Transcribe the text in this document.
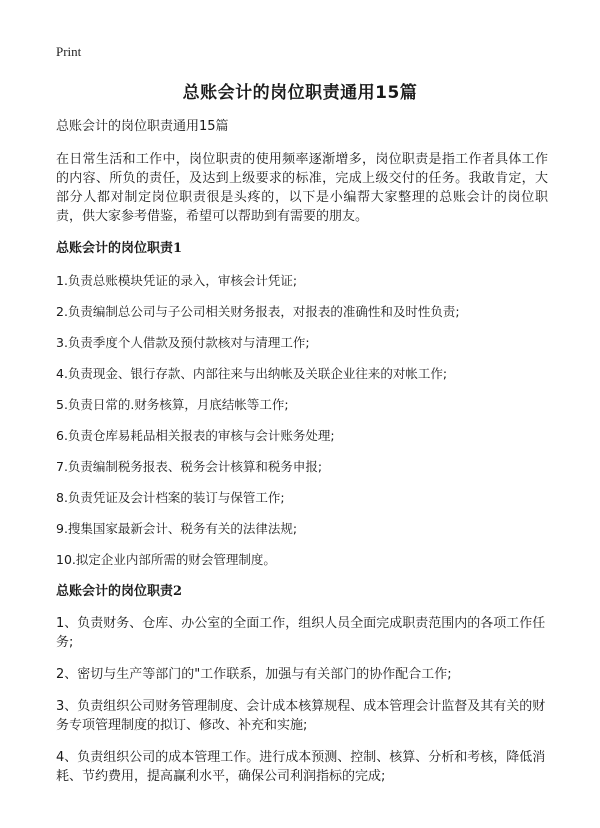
Print
总账会计的岗位职责通用15篇

总账会计的岗位职责通用15篇

在日常生活和工作中，岗位职责的使用频率逐渐增多，岗位职责是指工作者具体工作的内容、所负的责任，及达到上级要求的标准，完成上级交付的任务。我敢肯定，大部分人都对制定岗位职责很是头疼的，以下是小编帮大家整理的总账会计的岗位职责，供大家参考借鉴，希望可以帮助到有需要的朋友。

总账会计的岗位职责1

1.负责总账模块凭证的录入，审核会计凭证;

2.负责编制总公司与子公司相关财务报表，对报表的准确性和及时性负责;

3.负责季度个人借款及预付款核对与清理工作;

4.负责现金、银行存款、内部往来与出纳帐及关联企业往来的对帐工作;

5.负责日常的.财务核算，月底结帐等工作;

6.负责仓库易耗品相关报表的审核与会计账务处理;

7.负责编制税务报表、税务会计核算和税务申报;

8.负责凭证及会计档案的装订与保管工作;

9.搜集国家最新会计、税务有关的法律法规;

10.拟定企业内部所需的财会管理制度。

总账会计的岗位职责2

1、负责财务、仓库、办公室的全面工作，组织人员全面完成职责范围内的各项工作任务;

2、密切与生产等部门的"工作联系，加强与有关部门的协作配合工作;

3、负责组织公司财务管理制度、会计成本核算规程、成本管理会计监督及其有关的财务专项管理制度的拟订、修改、补充和实施;

4、负责组织公司的成本管理工作。进行成本预测、控制、核算、分析和考核，降低消耗、节约费用，提高赢利水平，确保公司利润指标的完成;
